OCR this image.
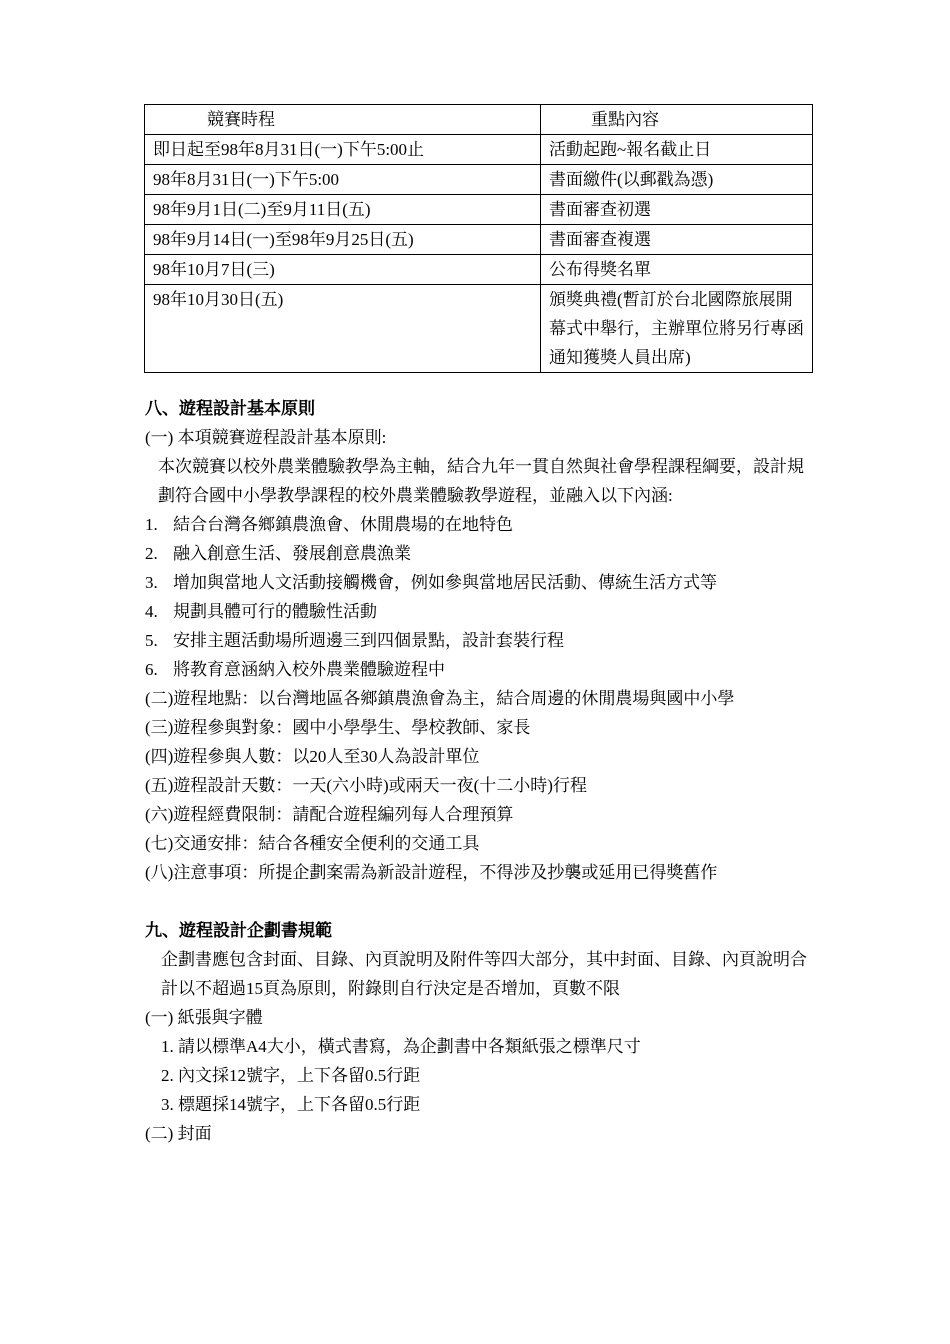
競賽時程	重點內容
即日起至98年8月31日(一)下午5:00止	活動起跑~報名截止日
98年8月31日(一)下午5:00	書面繳件(以郵戳為憑)
98年9月1日(二)至9月11日(五)	書面審查初選
98年9月14日(一)至98年9月25日(五)	書面審查複選
98年10月7日(三)	公布得獎名單
98年10月30日(五)	頒獎典禮(暫訂於台北國際旅展開幕式中舉行，主辦單位將另行專函通知獲獎人員出席)
八、遊程設計基本原則
(一) 本項競賽遊程設計基本原則:
本次競賽以校外農業體驗教學為主軸，結合九年一貫自然與社會學程課程綱要，設計規劃符合國中小學教學課程的校外農業體驗教學遊程，並融入以下內涵:
1. 結合台灣各鄉鎮農漁會、休閒農場的在地特色
2. 融入創意生活、發展創意農漁業
3. 增加與當地人文活動接觸機會，例如參與當地居民活動、傳統生活方式等
4. 規劃具體可行的體驗性活動
5. 安排主題活動場所週邊三到四個景點，設計套裝行程
6. 將教育意涵納入校外農業體驗遊程中
(二)遊程地點：以台灣地區各鄉鎮農漁會為主，結合周邊的休閒農場與國中小學
(三)遊程參與對象：國中小學學生、學校教師、家長
(四)遊程參與人數：以20人至30人為設計單位
(五)遊程設計天數：一天(六小時)或兩天一夜(十二小時)行程
(六)遊程經費限制：請配合遊程編列每人合理預算
(七)交通安排：結合各種安全便利的交通工具
(八)注意事項：所提企劃案需為新設計遊程，不得涉及抄襲或延用已得獎舊作
九、遊程設計企劃書規範
企劃書應包含封面、目錄、內頁說明及附件等四大部分，其中封面、目錄、內頁說明合計以不超過15頁為原則，附錄則自行決定是否增加，頁數不限
(一) 紙張與字體
1. 請以標準A4大小，橫式書寫，為企劃書中各類紙張之標準尺寸
2. 內文採12號字，上下各留0.5行距
3. 標題採14號字，上下各留0.5行距
(二) 封面
